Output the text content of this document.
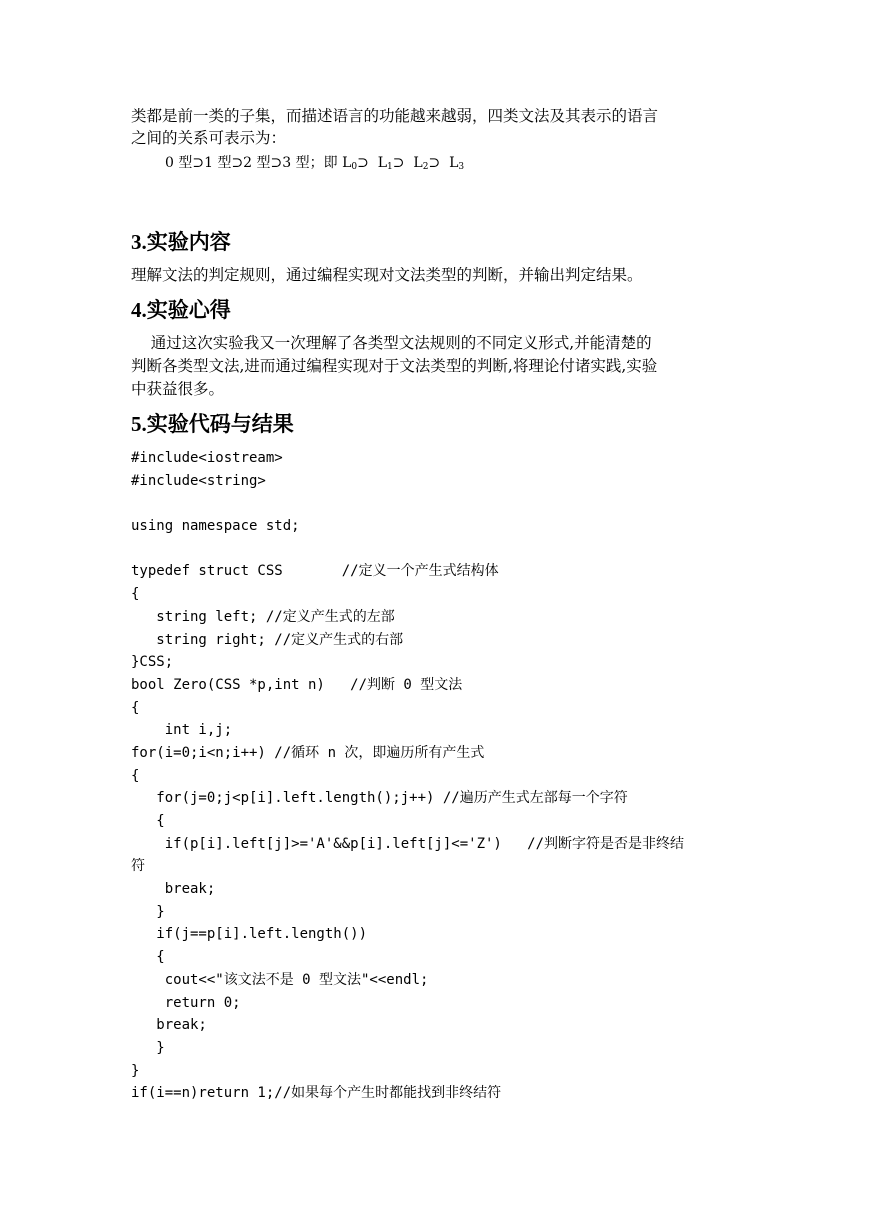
类都是前一类的子集，而描述语言的功能越来越弱，四类文法及其表示的语言
之间的关系可表示为：
0 型⊃1 型⊃2 型⊃3 型；即 $L_0⊃$  $L_1⊃$  $L_2⊃$  $L_3$
3.实验内容
理解文法的判定规则，通过编程实现对文法类型的判断，并输出判定结果。
4.实验心得
通过这次实验我又一次理解了各类型文法规则的不同定义形式,并能清楚的
判断各类型文法,进而通过编程实现对于文法类型的判断,将理论付诸实践,实验
中获益很多。
5.实验代码与结果
#include<iostream>
#include<string>
using namespace std;
typedef struct CSS       //定义一个产生式结构体
{
string left; //定义产生式的左部
string right; //定义产生式的右部
}CSS;
bool Zero(CSS *p,int n)   //判断 0 型文法
{
int i,j;
for(i=0;i<n;i++) //循环 n 次，即遍历所有产生式
{
for(j=0;j<p[i].left.length();j++) //遍历产生式左部每一个字符
{
if(p[i].left[j]>='A'&&p[i].left[j]<='Z')   //判断字符是否是非终结
符
break;
}
if(j==p[i].left.length())
{
cout<<"该文法不是 0 型文法"<<endl;
return 0;
break;
}
}
if(i==n)return 1;//如果每个产生时都能找到非终结符
